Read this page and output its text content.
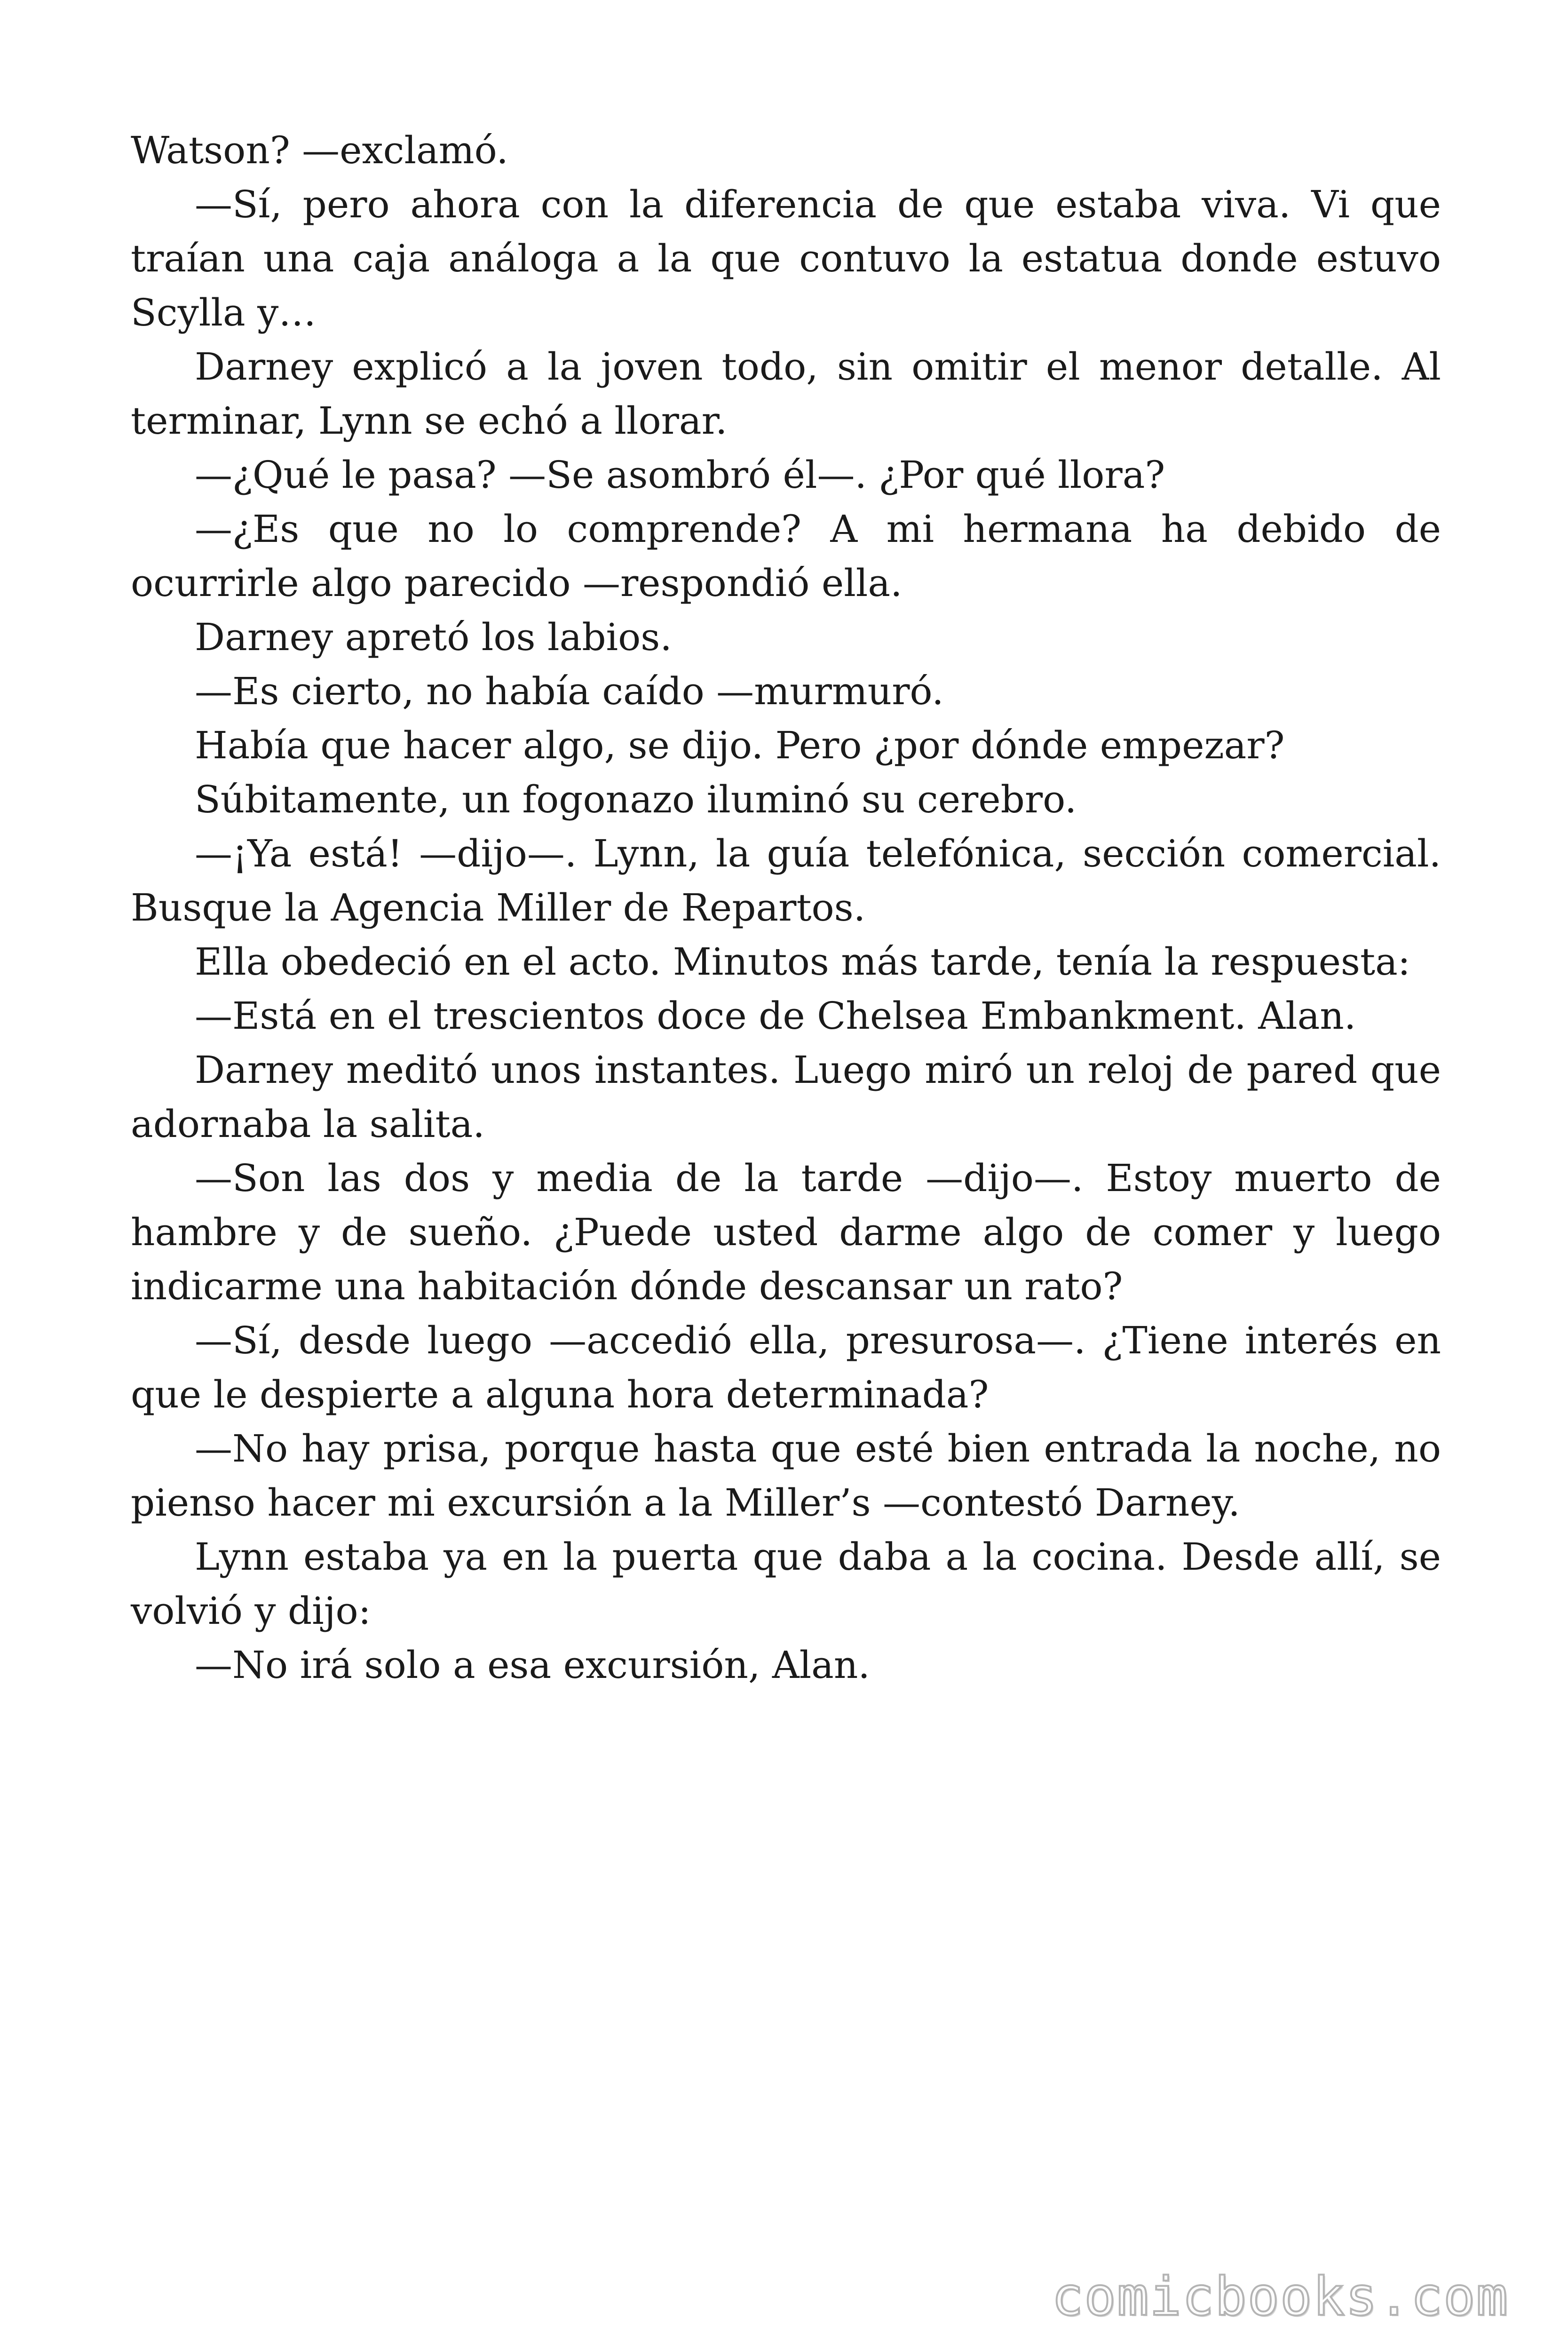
Watson? —exclamó.

—Sí, pero ahora con la diferencia de que estaba viva. Vi que traían una caja análoga a la que contuvo la estatua donde estuvo Scylla y…

Darney explicó a la joven todo, sin omitir el menor detalle. Al terminar, Lynn se echó a llorar.

—¿Qué le pasa? —Se asombró él—. ¿Por qué llora?

—¿Es que no lo comprende? A mi hermana ha debido de ocurrirle algo parecido —respondió ella.

Darney apretó los labios.

—Es cierto, no había caído —murmuró.

Había que hacer algo, se dijo. Pero ¿por dónde empezar?

Súbitamente, un fogonazo iluminó su cerebro.

—¡Ya está! —dijo—. Lynn, la guía telefónica, sección comercial. Busque la Agencia Miller de Repartos.

Ella obedeció en el acto. Minutos más tarde, tenía la respuesta:

—Está en el trescientos doce de Chelsea Embankment. Alan.

Darney meditó unos instantes. Luego miró un reloj de pared que adornaba la salita.

—Son las dos y media de la tarde —dijo—. Estoy muerto de hambre y de sueño. ¿Puede usted darme algo de comer y luego indicarme una habitación dónde descansar un rato?

—Sí, desde luego —accedió ella, presurosa—. ¿Tiene interés en que le despierte a alguna hora determinada?

—No hay prisa, porque hasta que esté bien entrada la noche, no pienso hacer mi excursión a la Miller’s —contestó Darney.

Lynn estaba ya en la puerta que daba a la cocina. Desde allí, se volvió y dijo:

—No irá solo a esa excursión, Alan.

comicbooks.com
